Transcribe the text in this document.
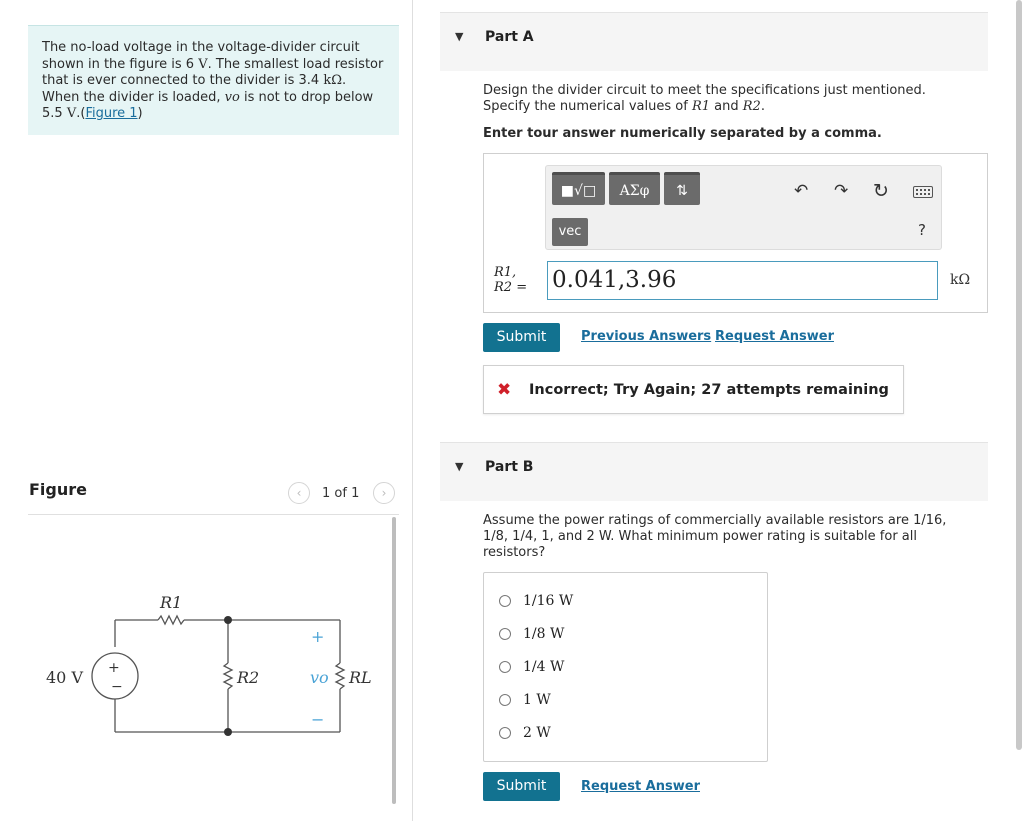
The no-load voltage in the voltage-divider circuit shown in the figure is 6 V. The smallest load resistor that is ever connected to the divider is 3.4 kΩ. When the divider is loaded, vo is not to drop below 5.5 V.(Figure 1)
Figure	‹	1 of 1	›
+
−
40 V
R1
R2	RL
+
vo
−
▼ Part A
Design the divider circuit to meet the specifications just mentioned.
Specify the numerical values of R1 and R2.
Enter tour answer numerically separated by a comma.
■√□	ΑΣφ	⇅
vec
↶ ↷ ↻
?
R1,
R2 = 0.041,3.96	kΩ
Submit	Previous Answers Request Answer
✖ Incorrect; Try Again; 27 attempts remaining
▼ Part B
Assume the power ratings of commercially available resistors are 1/16, 1/8, 1/4, 1, and 2 W. What minimum power rating is suitable for all resistors?
1/16 W
1/8 W
1/4 W
1 W
2 W
Submit	Request Answer
